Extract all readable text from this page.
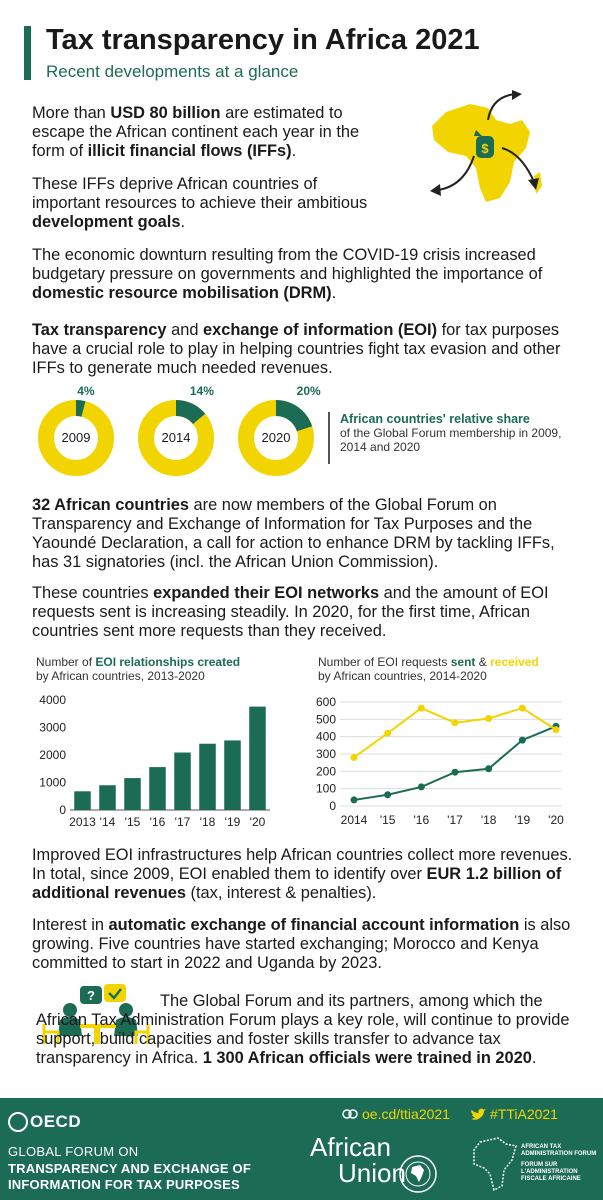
Tax transparency in Africa 2021
Recent developments at a glance
$
More than USD 80 billion are estimated to escape the African continent each year in the form of illicit financial flows (IFFs).
These IFFs deprive African countries of important resources to achieve their ambitious development goals.
The economic downturn resulting from the COVID-19 crisis increased budgetary pressure on governments and highlighted the importance of domestic resource mobilisation (DRM).
Tax transparency and exchange of information (EOI) for tax purposes have a crucial role to play in helping countries fight tax evasion and other IFFs to generate much needed revenues.
2009
4%
2014
14%
2020
20%
African countries' relative share
of the Global Forum membership in 2009, 2014 and 2020
32 African countries are now members of the Global Forum on Transparency and Exchange of Information for Tax Purposes and the Yaoundé Declaration, a call for action to enhance DRM by tackling IFFs, has 31 signatories (incl. the African Union Commission).
These countries expanded their EOI networks and the amount of EOI requests sent is increasing steadily. In 2020, for the first time, African countries sent more requests than they received.
Number of EOI relationships created
by African countries, 2013-2020
0
1000
2000
3000
4000
2013 '14 '15 '16 '17 '18 '19 '20
Number of EOI requests sent & received
by African countries, 2014-2020
0
100
200
300
400
500
600
2014 '15 '16 '17 '18 '19 '20
Improved EOI infrastructures help African countries collect more revenues. In total, since 2009, EOI enabled them to identify over EUR 1.2 billion of additional revenues (tax, interest & penalties).
Interest in automatic exchange of financial account information is also growing. Five countries have started exchanging; Morocco and Kenya committed to start in 2022 and Uganda by 2023.
?	The Global Forum and its partners, among which the African Tax Administration Forum plays a key role, will continue to provide support, build capacities and foster skills transfer to advance tax transparency in Africa. 1 300 African officials were trained in 2020.
OECD
GLOBAL FORUM ON
TRANSPARENCY AND EXCHANGE OF
INFORMATION FOR TAX PURPOSES
oe.cd/ttia2021	#TTiA2021
African
Union
AFRICAN TAX ADMINISTRATION FORUM
FORUM SUR L'ADMINISTRATION FISCALE AFRICAINE
